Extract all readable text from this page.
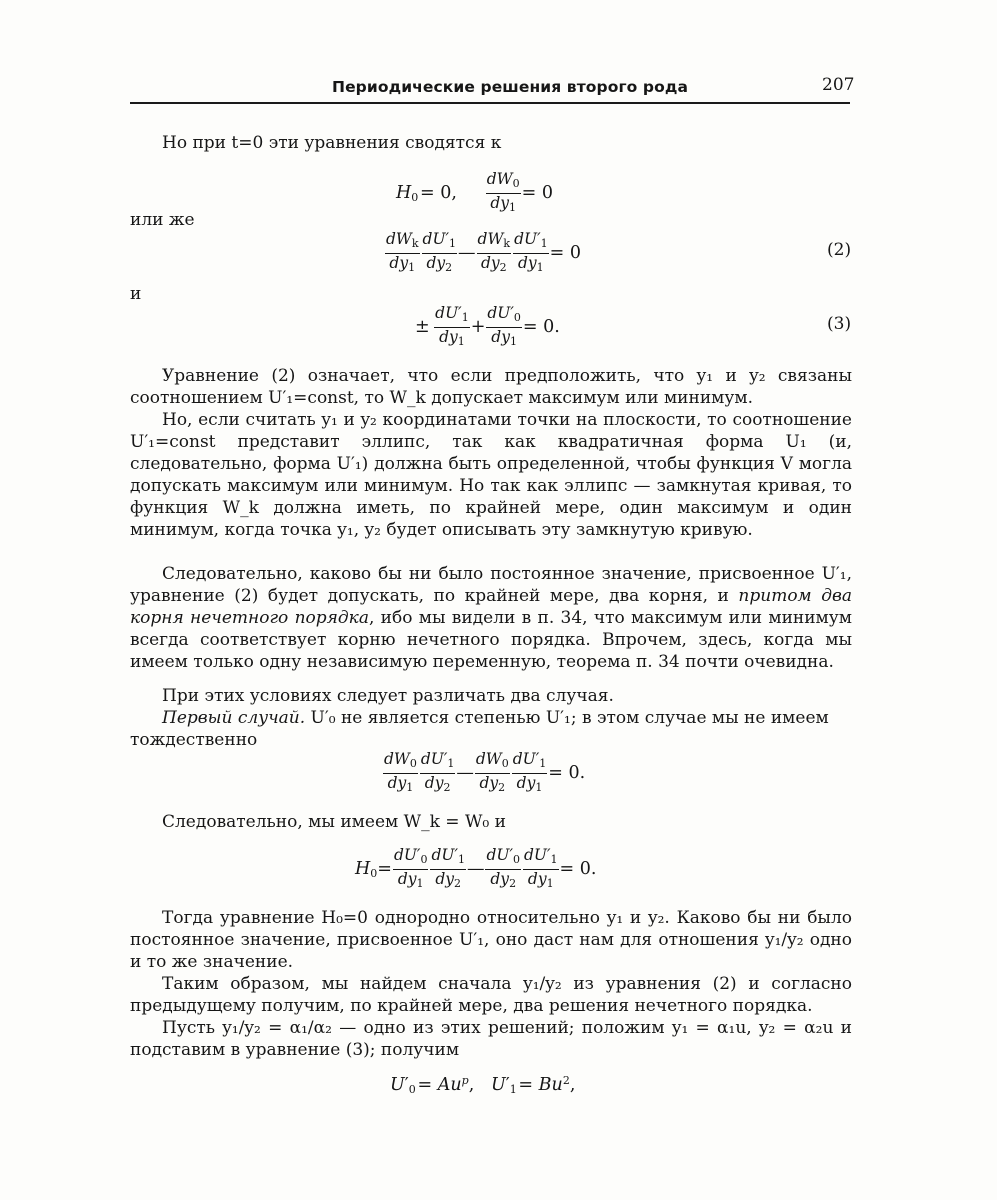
Периодические решения второго рода	207
Но при t=0 эти уравнения сводятся к
$H_0$ = 0, $\frac{dW_0}{dy_1} = 0$
или же
$\frac{dW_k}{dy_1} \frac{dU'_1}{dy_2}$ — $\frac{dW_k}{dy_2} \frac{dU'_1}{dy_1} = 0$	(2)
и
±  $\frac{dU'_1}{dy_1} + \frac{dU'_0}{dy_1} = 0$.	(3)
Уравнение (2) означает, что если предположить, что y₁ и y₂ связаны соотношением U′₁=const, то W_k допускает максимум или минимум.
Но, если считать y₁ и y₂ координатами точки на плоскости, то соотношение U′₁=const представит эллипс, так как квадратичная форма U₁ (и, следовательно, форма U′₁) должна быть определенной, чтобы функция V могла допускать максимум или минимум. Но так как эллипс — замкнутая кривая, то функция W_k должна иметь, по крайней мере, один максимум и один минимум, когда точка y₁, y₂ будет описывать эту замкнутую кривую.
Следовательно, каково бы ни было постоянное значение, присвоенное U′₁, уравнение (2) будет допускать, по крайней мере, два корня, и притом два корня нечетного порядка, ибо мы видели в п. 34, что максимум или минимум всегда соответствует корню нечетного порядка. Впрочем, здесь, когда мы имеем только одну независимую переменную, теорема п. 34 почти очевидна.
При этих условиях следует различать два случая.
Первый случай. U′₀ не является степенью U′₁; в этом случае мы не имеем тождественно
$\frac{dW_0}{dy_1} \frac{dU'_1}{dy_2}$ — $\frac{dW_0}{dy_2} \frac{dU'_1}{dy_1} = 0$.
Следовательно, мы имеем W_k = W₀ и
$H_0= \frac{dU'_0}{dy_1} \frac{dU'_1}{dy_2}$ — $\frac{dU'_0}{dy_2} \frac{dU'_1}{dy_1} = 0$.
Тогда уравнение H₀=0 однородно относительно y₁ и y₂. Каково бы ни было постоянное значение, присвоенное U′₁, оно даст нам для отношения y₁/y₂ одно и то же значение.
Таким образом, мы найдем сначала y₁/y₂ из уравнения (2) и согласно предыдущему получим, по крайней мере, два решения нечетного порядка.
Пусть y₁/y₂ = α₁/α₂ — одно из этих решений; положим y₁ = α₁u, y₂ = α₂u и подставим в уравнение (3); получим
$U'_0$ = $Au^p$,   $U'_1$ = $Bu^2$,
